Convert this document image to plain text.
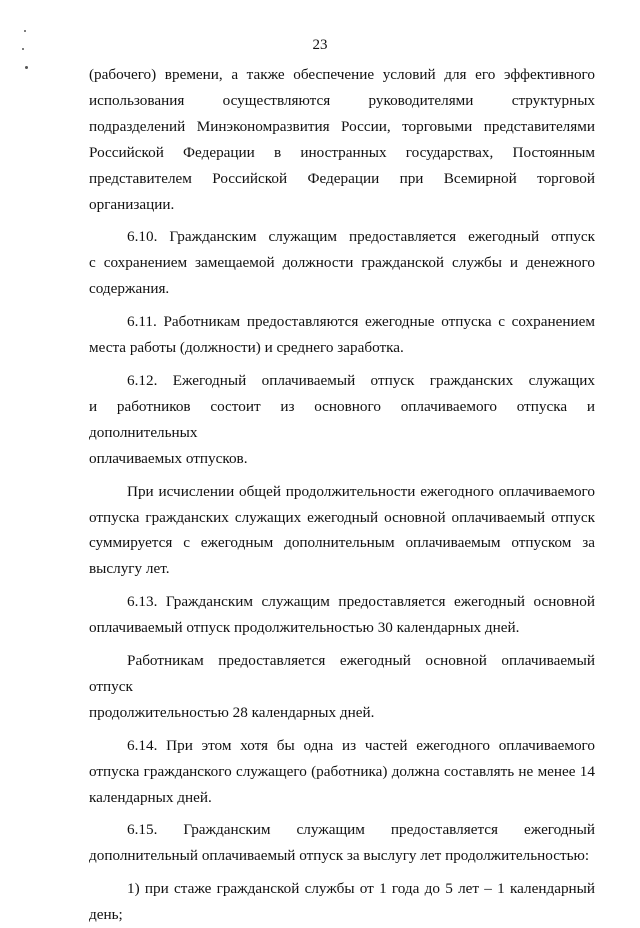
23
(рабочего) времени, а также обеспечение условий для его эффективного
использования осуществляются руководителями структурных
подразделений Минэкономразвития России, торговыми представителями
Российской Федерации в иностранных государствах, Постоянным
представителем Российской Федерации при Всемирной торговой
организации.
6.10. Гражданским служащим предоставляется ежегодный отпуск
с сохранением замещаемой должности гражданской службы и денежного
содержания.
6.11. Работникам предоставляются ежегодные отпуска с сохранением
места работы (должности) и среднего заработка.
6.12. Ежегодный оплачиваемый отпуск гражданских служащих
и работников состоит из основного оплачиваемого отпуска и дополнительных
оплачиваемых отпусков.
При исчислении общей продолжительности ежегодного оплачиваемого
отпуска гражданских служащих ежегодный основной оплачиваемый отпуск
суммируется с ежегодным дополнительным оплачиваемым отпуском за
выслугу лет.
6.13. Гражданским служащим предоставляется ежегодный основной
оплачиваемый отпуск продолжительностью 30 календарных дней.
Работникам предоставляется ежегодный основной оплачиваемый отпуск
продолжительностью 28 календарных дней.
6.14. При этом хотя бы одна из частей ежегодного оплачиваемого
отпуска гражданского служащего (работника) должна составлять не менее 14
календарных дней.
6.15. Гражданским служащим предоставляется ежегодный
дополнительный оплачиваемый отпуск за выслугу лет продолжительностью:
1) при стаже гражданской службы от 1 года до 5 лет – 1 календарный
день;
